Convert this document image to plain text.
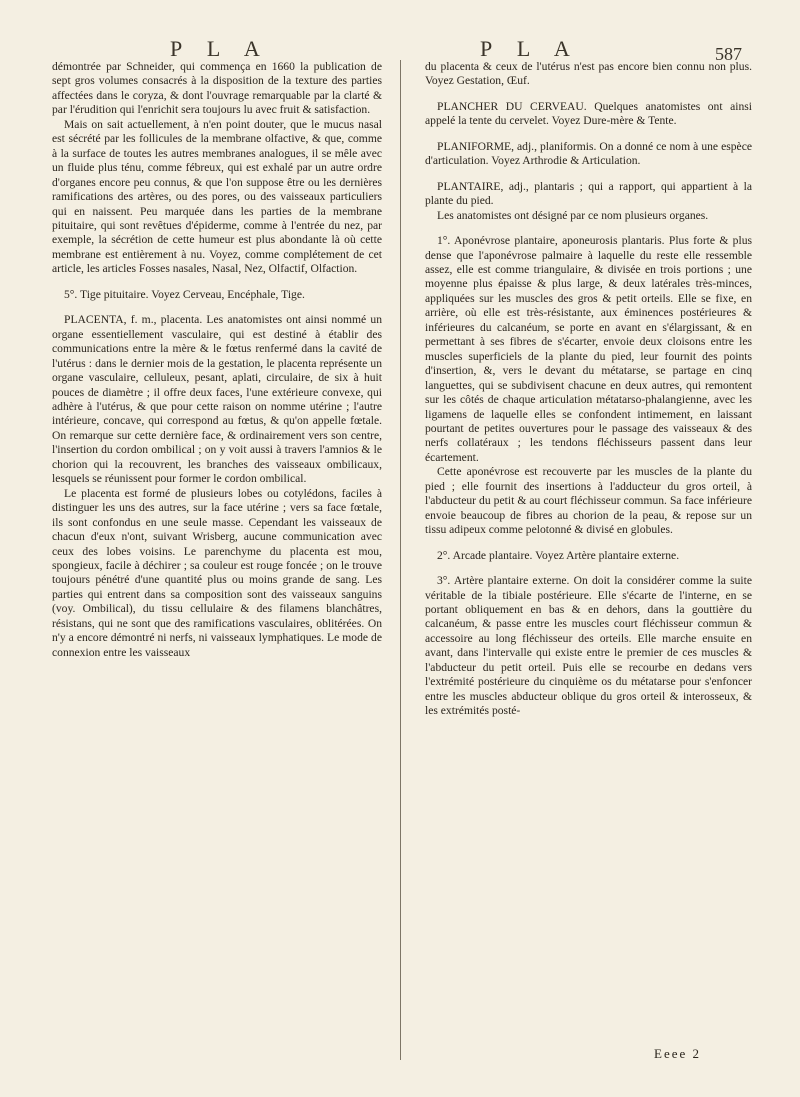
P L A	P L A	587

démontrée par Schneider, qui commença en 1660 la publication de sept gros volumes consacrés à la disposition de la texture des parties affectées dans le coryza, & dont l'ouvrage remarquable par la clarté & par l'érudition qui l'enrichit sera toujours lu avec fruit & satisfaction.

Mais on sait actuellement, à n'en point douter, que le mucus nasal est sécrété par les follicules de la membrane olfactive, & que, comme à la surface de toutes les autres membranes analogues, il se mêle avec un fluide plus ténu, comme fébreux, qui est exhalé par un autre ordre d'organes encore peu connus, & que l'on suppose être ou les dernières ramifications des artères, ou des pores, ou des vaisseaux particuliers qui en naissent. Peu marquée dans les parties de la membrane pituitaire, qui sont revêtues d'épiderme, comme à l'entrée du nez, par exemple, la sécrétion de cette humeur est plus abondante là où cette membrane est entièrement à nu. Voyez, comme complétement de cet article, les articles Fosses nasales, Nasal, Nez, Olfactif, Olfaction.

5°. Tige pituitaire. Voyez Cerveau, Encéphale, Tige.

PLACENTA, f. m., placenta. Les anatomistes ont ainsi nommé un organe essentiellement vasculaire, qui est destiné à établir des communications entre la mère & le fœtus renfermé dans la cavité de l'utérus : dans le dernier mois de la gestation, le placenta représente un organe vasculaire, celluleux, pesant, aplati, circulaire, de six à huit pouces de diamètre ; il offre deux faces, l'une extérieure convexe, qui adhère à l'utérus, & que pour cette raison on nomme utérine ; l'autre intérieure, concave, qui correspond au fœtus, & qu'on appelle fœtale. On remarque sur cette dernière face, & ordinairement vers son centre, l'insertion du cordon ombilical ; on y voit aussi à travers l'amnios & le chorion qui la recouvrent, les branches des vaisseaux ombilicaux, lesquels se réunissent pour former le cordon ombilical.

Le placenta est formé de plusieurs lobes ou cotylédons, faciles à distinguer les uns des autres, sur la face utérine ; vers sa face fœtale, ils sont confondus en une seule masse. Cependant les vaisseaux de chacun d'eux n'ont, suivant Wrisberg, aucune communication avec ceux des lobes voisins. Le parenchyme du placenta est mou, spongieux, facile à déchirer ; sa couleur est rouge foncée ; on le trouve toujours pénétré d'une quantité plus ou moins grande de sang. Les parties qui entrent dans sa composition sont des vaisseaux sanguins (voy. Ombilical), du tissu cellulaire & des filamens blanchâtres, résistans, qui ne sont que des ramifications vasculaires, oblitérées. On n'y a encore démontré ni nerfs, ni vaisseaux lymphatiques. Le mode de connexion entre les vaisseaux

du placenta & ceux de l'utérus n'est pas encore bien connu non plus. Voyez Gestation, Œuf.

PLANCHER DU CERVEAU. Quelques anatomistes ont ainsi appelé la tente du cervelet. Voyez Dure-mère & Tente.

PLANIFORME, adj., planiformis. On a donné ce nom à une espèce d'articulation. Voyez Arthrodie & Articulation.

PLANTAIRE, adj., plantaris ; qui a rapport, qui appartient à la plante du pied.

Les anatomistes ont désigné par ce nom plusieurs organes.

1°. Aponévrose plantaire, aponeurosis plantaris. Plus forte & plus dense que l'aponévrose palmaire à laquelle du reste elle ressemble assez, elle est comme triangulaire, & divisée en trois portions ; une moyenne plus épaisse & plus large, & deux latérales très-minces, appliquées sur les muscles des gros & petit orteils. Elle se fixe, en arrière, où elle est très-résistante, aux éminences postérieures & inférieures du calcanéum, se porte en avant en s'élargissant, & en permettant à ses fibres de s'écarter, envoie deux cloisons entre les muscles superficiels de la plante du pied, leur fournit des points d'insertion, &, vers le devant du métatarse, se partage en cinq languettes, qui se subdivisent chacune en deux autres, qui remontent sur les côtés de chaque articulation métatarso-phalangienne, avec les ligamens de laquelle elles se confondent intimement, en laissant pourtant de petites ouvertures pour le passage des vaisseaux & des nerfs collatéraux ; les tendons fléchisseurs passent dans leur écartement.

Cette aponévrose est recouverte par les muscles de la plante du pied ; elle fournit des insertions à l'adducteur du gros orteil, à l'abducteur du petit & au court fléchisseur commun. Sa face inférieure envoie beaucoup de fibres au chorion de la peau, & repose sur un tissu adipeux comme pelotonné & divisé en globules.

2°. Arcade plantaire. Voyez Artère plantaire externe.

3°. Artère plantaire externe. On doit la considérer comme la suite véritable de la tibiale postérieure. Elle s'écarte de l'interne, en se portant obliquement en bas & en dehors, dans la gouttière du calcanéum, & passe entre les muscles court fléchisseur commun & accessoire au long fléchisseur des orteils. Elle marche ensuite en avant, dans l'intervalle qui existe entre le premier de ces muscles & l'abducteur du petit orteil. Puis elle se recourbe en dedans vers l'extrémité postérieure du cinquième os du métatarse pour s'enfoncer entre les muscles abducteur oblique du gros orteil & interosseux, & les extrémités posté-

Eeee 2
